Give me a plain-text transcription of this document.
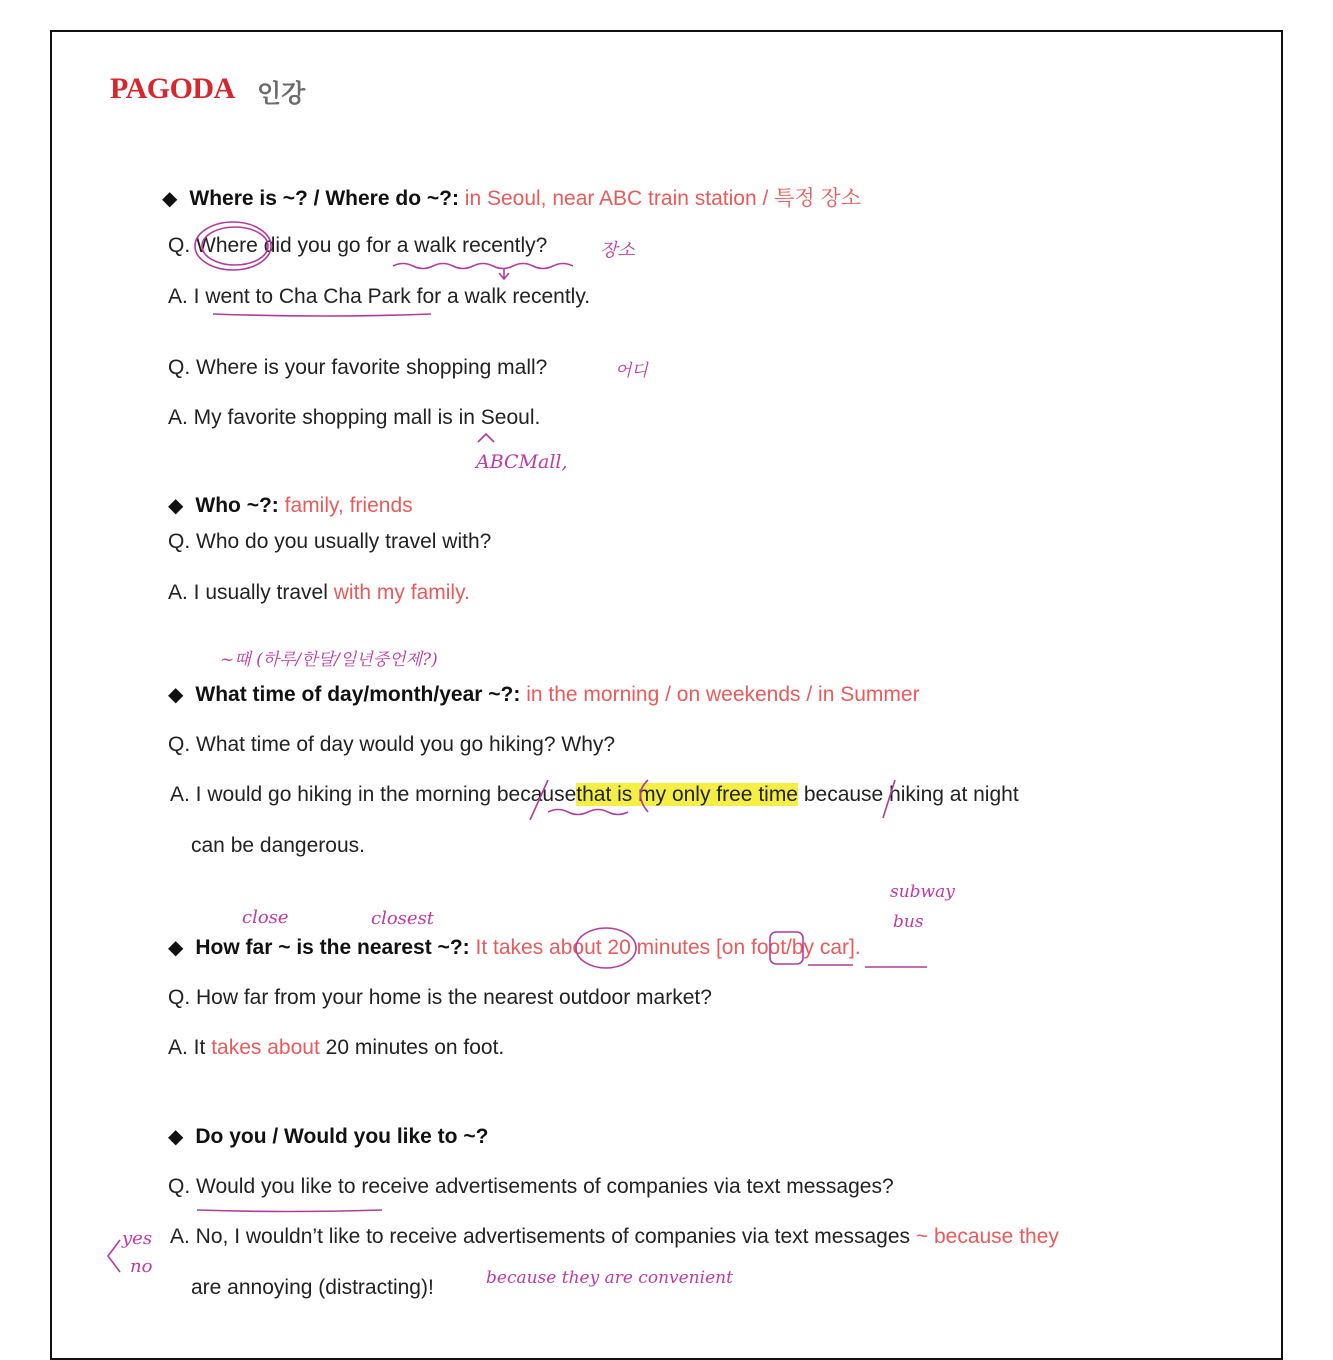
PAGODA 인강
◆ Where is ~? / Where do ~?: in Seoul, near ABC train station / 특정 장소
Q. Where did you go for a walk recently?
A. I went to Cha Cha Park for a walk recently.
Q. Where is your favorite shopping mall?
A. My favorite shopping mall is in Seoul.
◆ Who ~?: family, friends
Q. Who do you usually travel with?
A. I usually travel with my family.
◆ What time of day/month/year ~?: in the morning / on weekends / in Summer
Q. What time of day would you go hiking? Why?
A. I would go hiking in the morning becausethat is my only free time because hiking at night
can be dangerous.
◆ How far ~ is the nearest ~?: It takes about 20 minutes [on foot/by car].
Q. How far from your home is the nearest outdoor market?
A. It takes about 20 minutes on foot.
◆ Do you / Would you like to ~?
Q. Would you like to receive advertisements of companies via text messages?
A. No, I wouldn’t like to receive advertisements of companies via text messages ~ because they
are annoying (distracting)!
장소
어디
ABCMall,
~때 (하루/한달/일년중언제?)
close	closest
subway
bus
yes
no
because they are convenient
